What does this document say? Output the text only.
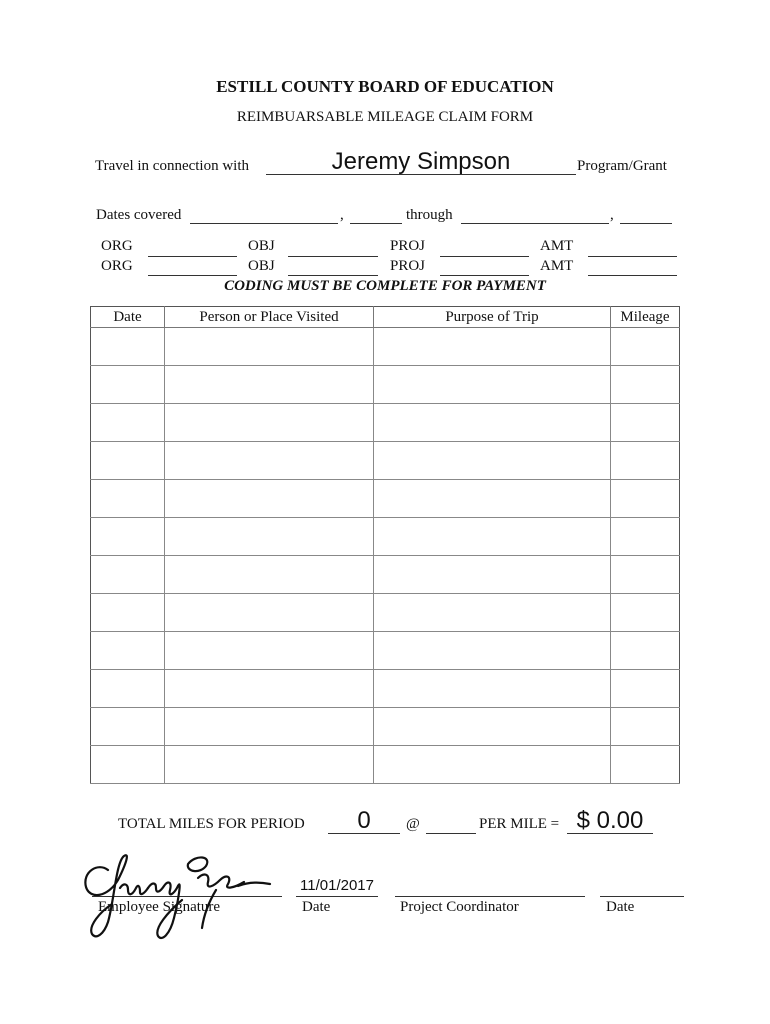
ESTILL COUNTY BOARD OF EDUCATION
REIMBUARSABLE MILEAGE CLAIM FORM
Travel in connection with	Jeremy Simpson	Program/Grant
Dates covered	,	through	,
ORG	OBJ	PROJ	AMT
ORG	OBJ	PROJ	AMT
CODING MUST BE COMPLETE FOR PAYMENT
Date	Person or Place Visited	Purpose of Trip	Mileage

TOTAL MILES FOR PERIOD	0	@	PER MILE = $ 0.00
Employee Signature
11/01/2017
Date	Project Coordinator	Date
